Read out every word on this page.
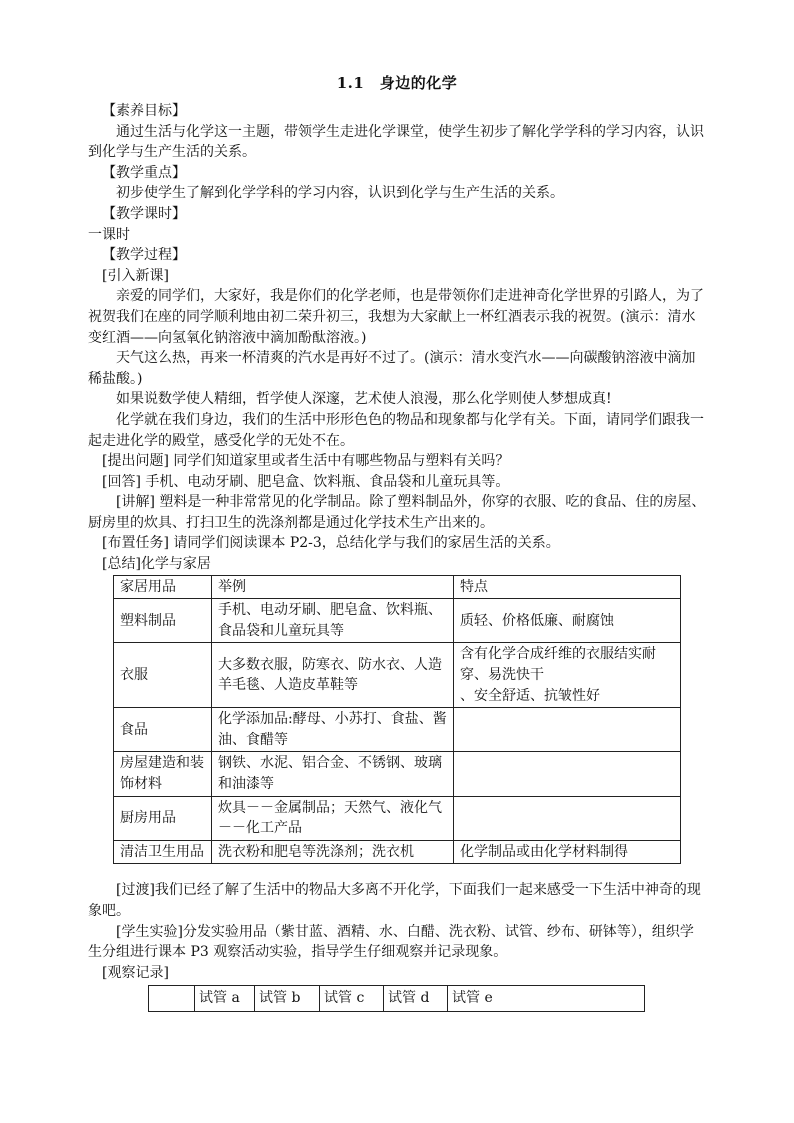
1.1　身边的化学

【素养目标】

通过生活与化学这一主题，带领学生走进化学课堂，使学生初步了解化学学科的学习内容，认识到化学与生产生活的关系。

【教学重点】

初步使学生了解到化学学科的学习内容，认识到化学与生产生活的关系。

【教学课时】

一课时

【教学过程】

[引入新课]

亲爱的同学们，大家好，我是你们的化学老师，也是带领你们走进神奇化学世界的引路人，为了祝贺我们在座的同学顺利地由初二荣升初三，我想为大家献上一杯红酒表示我的祝贺。(演示：清水变红酒——向氢氧化钠溶液中滴加酚酞溶液。)

天气这么热，再来一杯清爽的汽水是再好不过了。(演示：清水变汽水——向碳酸钠溶液中滴加稀盐酸。)

如果说数学使人精细，哲学使人深邃，艺术使人浪漫，那么化学则使人梦想成真!

化学就在我们身边，我们的生活中形形色色的物品和现象都与化学有关。下面，请同学们跟我一起走进化学的殿堂，感受化学的无处不在。

[提出问题] 同学们知道家里或者生活中有哪些物品与塑料有关吗？

[回答] 手机、电动牙刷、肥皂盒、饮料瓶、食品袋和儿童玩具等。

[讲解] 塑料是一种非常常见的化学制品。除了塑料制品外，你穿的衣服、吃的食品、住的房屋、厨房里的炊具、打扫卫生的洗涤剂都是通过化学技术生产出来的。

[布置任务] 请同学们阅读课本 P2-3，总结化学与我们的家居生活的关系。

[总结]化学与家居

家居用品	举例	特点
塑料制品	手机、电动牙刷、肥皂盒、饮料瓶、食品袋和儿童玩具等	质轻、价格低廉、耐腐蚀
衣服	大多数衣服，防寒衣、防水衣、人造羊毛毯、人造皮革鞋等	含有化学合成纤维的衣服结实耐穿、易洗快干
、安全舒适、抗皱性好
食品	化学添加品:酵母、小苏打、食盐、酱油、食醋等	
房屋建造和装饰材料	钢铁、水泥、铝合金、不锈钢、玻璃和油漆等	
厨房用品	炊具－－金属制品；天然气、液化气－－化工产品	
清洁卫生用品	洗衣粉和肥皂等洗涤剂；洗衣机	化学制品或由化学材料制得

[过渡]我们已经了解了生活中的物品大多离不开化学，下面我们一起来感受一下生活中神奇的现象吧。

[学生实验]分发实验用品（紫甘蓝、酒精、水、白醋、洗衣粉、试管、纱布、研钵等），组织学生分组进行课本 P3 观察活动实验，指导学生仔细观察并记录现象。

[观察记录]

	试管 a	试管 b	试管 c	试管 d	试管 e
